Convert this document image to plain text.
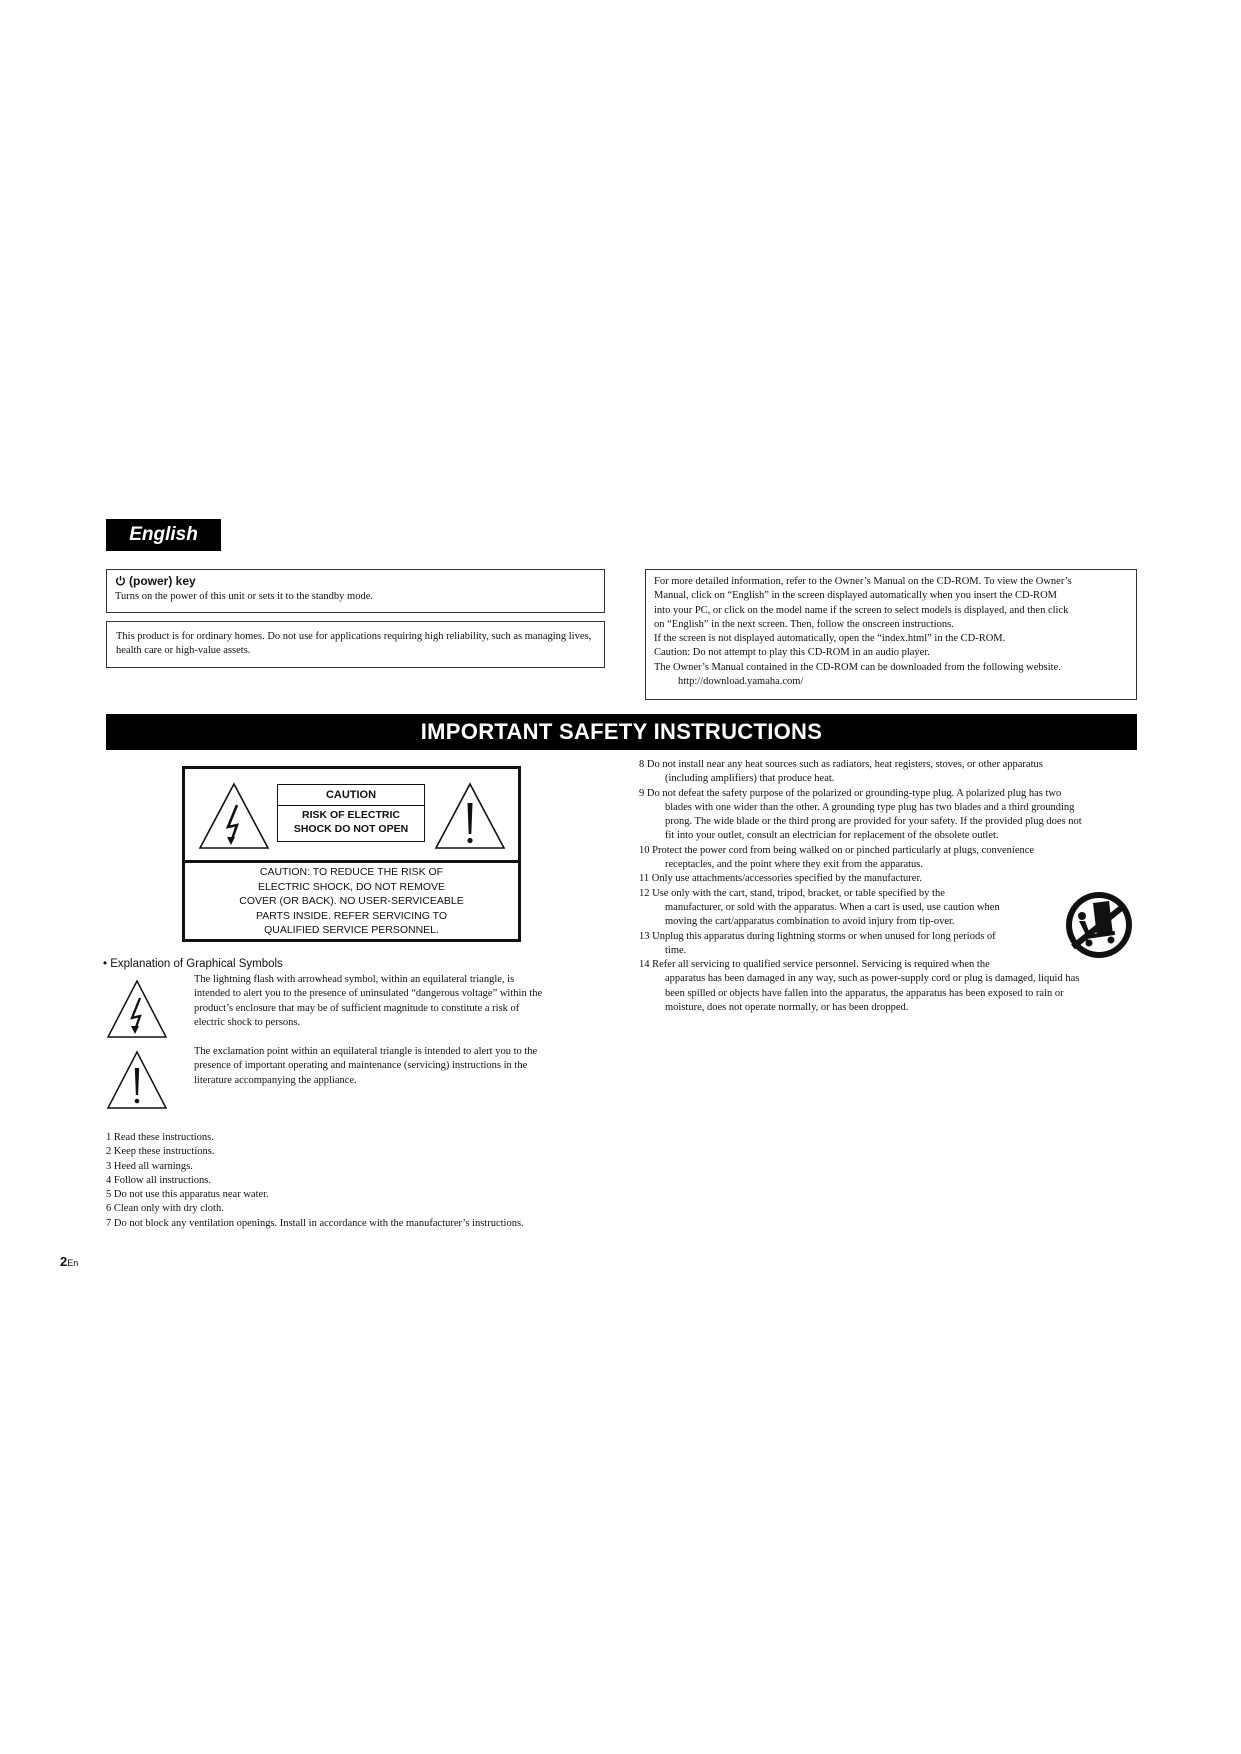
English
(power) key
Turns on the power of this unit or sets it to the standby mode.
This product is for ordinary homes. Do not use for applications requiring high reliability, such as managing lives, health care or high-value assets.
For more detailed information, refer to the Owner’s Manual on the CD-ROM. To view the Owner’s
Manual, click on “English” in the screen displayed automatically when you insert the CD-ROM
into your PC, or click on the model name if the screen to select models is displayed, and then click
on “English” in the next screen. Then, follow the onscreen instructions.
If the screen is not displayed automatically, open the “index.html” in the CD-ROM.
Caution: Do not attempt to play this CD-ROM in an audio player.
The Owner’s Manual contained in the CD-ROM can be downloaded from the following website.
http://download.yamaha.com/
IMPORTANT SAFETY INSTRUCTIONS
CAUTION
RISK OF ELECTRIC
SHOCK DO NOT OPEN
CAUTION: TO REDUCE THE RISK OF
ELECTRIC SHOCK, DO NOT REMOVE
COVER (OR BACK). NO USER-SERVICEABLE
PARTS INSIDE. REFER SERVICING TO
QUALIFIED SERVICE PERSONNEL.
• Explanation of Graphical Symbols
The lightning flash with arrowhead symbol, within an equilateral triangle, is
intended to alert you to the presence of uninsulated “dangerous voltage” within the
product’s enclosure that may be of sufficient magnitude to constitute a risk of
electric shock to persons.
The exclamation point within an equilateral triangle is intended to alert you to the
presence of important operating and maintenance (servicing) instructions in the
literature accompanying the appliance.
1 Read these instructions.
2 Keep these instructions.
3 Heed all warnings.
4 Follow all instructions.
5 Do not use this apparatus near water.
6 Clean only with dry cloth.
7 Do not block any ventilation openings. Install in accordance with the manufacturer’s instructions.
8 Do not install near any heat sources such as radiators, heat registers, stoves, or other apparatus
(including amplifiers) that produce heat.
9 Do not defeat the safety purpose of the polarized or grounding-type plug. A polarized plug has two
blades with one wider than the other. A grounding type plug has two blades and a third grounding
prong. The wide blade or the third prong are provided for your safety. If the provided plug does not
fit into your outlet, consult an electrician for replacement of the obsolete outlet.
10 Protect the power cord from being walked on or pinched particularly at plugs, convenience
receptacles, and the point where they exit from the apparatus.
11 Only use attachments/accessories specified by the manufacturer.
12 Use only with the cart, stand, tripod, bracket, or table specified by the
manufacturer, or sold with the apparatus. When a cart is used, use caution when
moving the cart/apparatus combination to avoid injury from tip-over.
13 Unplug this apparatus during lightning storms or when unused for long periods of
time.
14 Refer all servicing to qualified service personnel. Servicing is required when the
apparatus has been damaged in any way, such as power-supply cord or plug is damaged, liquid has
been spilled or objects have fallen into the apparatus, the apparatus has been exposed to rain or
moisture, does not operate normally, or has been dropped.
2En
